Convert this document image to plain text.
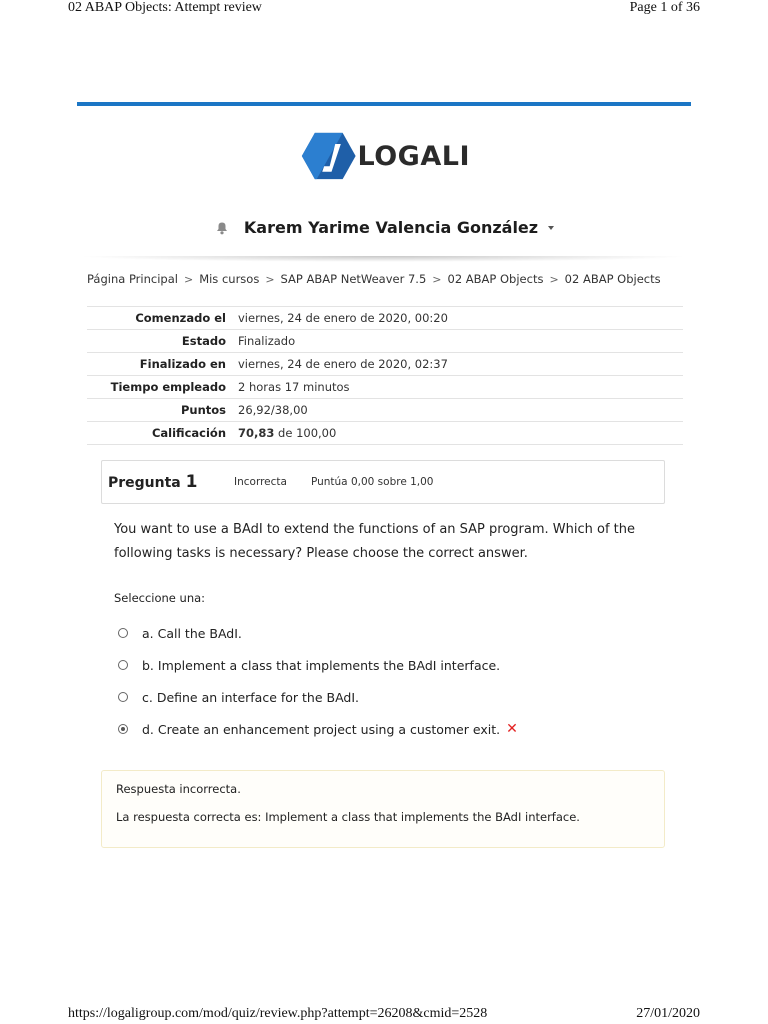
02 ABAP Objects: Attempt review	Page 1 of 36
LOGALI
Karem Yarime Valencia González
Página Principal > Mis cursos > SAP ABAP NetWeaver 7.5 > 02 ABAP Objects > 02 ABAP Objects
Comenzado el	viernes, 24 de enero de 2020, 00:20
Estado	Finalizado
Finalizado en	viernes, 24 de enero de 2020, 02:37
Tiempo empleado	2 horas 17 minutos
Puntos	26,92/38,00
Calificación	70,83 de 100,00
Pregunta 1	Incorrecta Puntúa 0,00 sobre 1,00
You want to use a BAdI to extend the functions of an SAP program. Which of the following tasks is necessary? Please choose the correct answer.
Seleccione una:
a. Call the BAdI.
b. Implement a class that implements the BAdI interface.
c. Define an interface for the BAdI.
d. Create an enhancement project using a customer exit. ✕
Respuesta incorrecta.
La respuesta correcta es: Implement a class that implements the BAdI interface.
https://logaligroup.com/mod/quiz/review.php?attempt=26208&cmid=2528	27/01/2020
